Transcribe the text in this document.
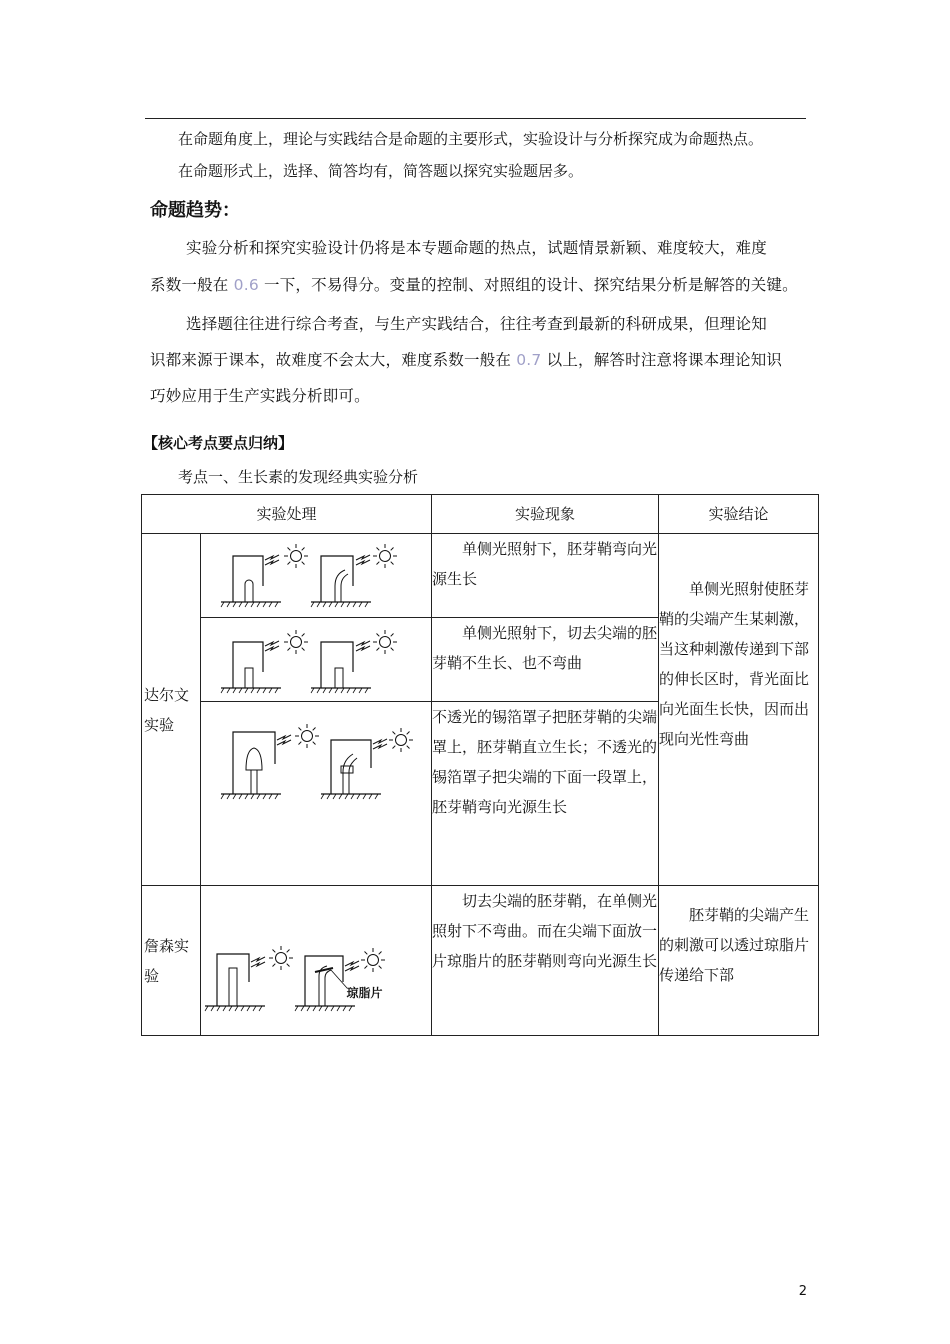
在命题角度上，理论与实践结合是命题的主要形式，实验设计与分析探究成为命题热点。
在命题形式上，选择、简答均有，简答题以探究实验题居多。
命题趋势：
实验分析和探究实验设计仍将是本专题命题的热点，试题情景新颖、难度较大，难度
系数一般在 0.6 一下，不易得分。变量的控制、对照组的设计、探究结果分析是解答的关键。
选择题往往进行综合考查，与生产实践结合，往往考查到最新的科研成果，但理论知
识都来源于课本，故难度不会太大，难度系数一般在 0.7 以上，解答时注意将课本理论知识
巧妙应用于生产实践分析即可。
【核心考点要点归纳】
考点一、生长素的发现经典实验分析
实验处理		实验现象	实验结论
达尔文实验		单侧光照射下，胚芽鞘弯向光源生长	单侧光照射使胚芽鞘的尖端产生某刺激，当这种刺激传递到下部的伸长区时，背光面比向光面生长快，因而出现向光性弯曲

	单侧光照射下，切去尖端的胚芽鞘不生长、也不弯曲	

	不透光的锡箔罩子把胚芽鞘的尖端罩上，胚芽鞘直立生长；不透光的锡箔罩子把尖端的下面一段罩上，胚芽鞘弯向光源生长	
詹森实验		切去尖端的胚芽鞘，在单侧光照射下不弯曲。而在尖端下面放一片琼脂片的胚芽鞘则弯向光源生长	胚芽鞘的尖端产生的刺激可以透过琼脂片传递给下部
2
琼脂片
